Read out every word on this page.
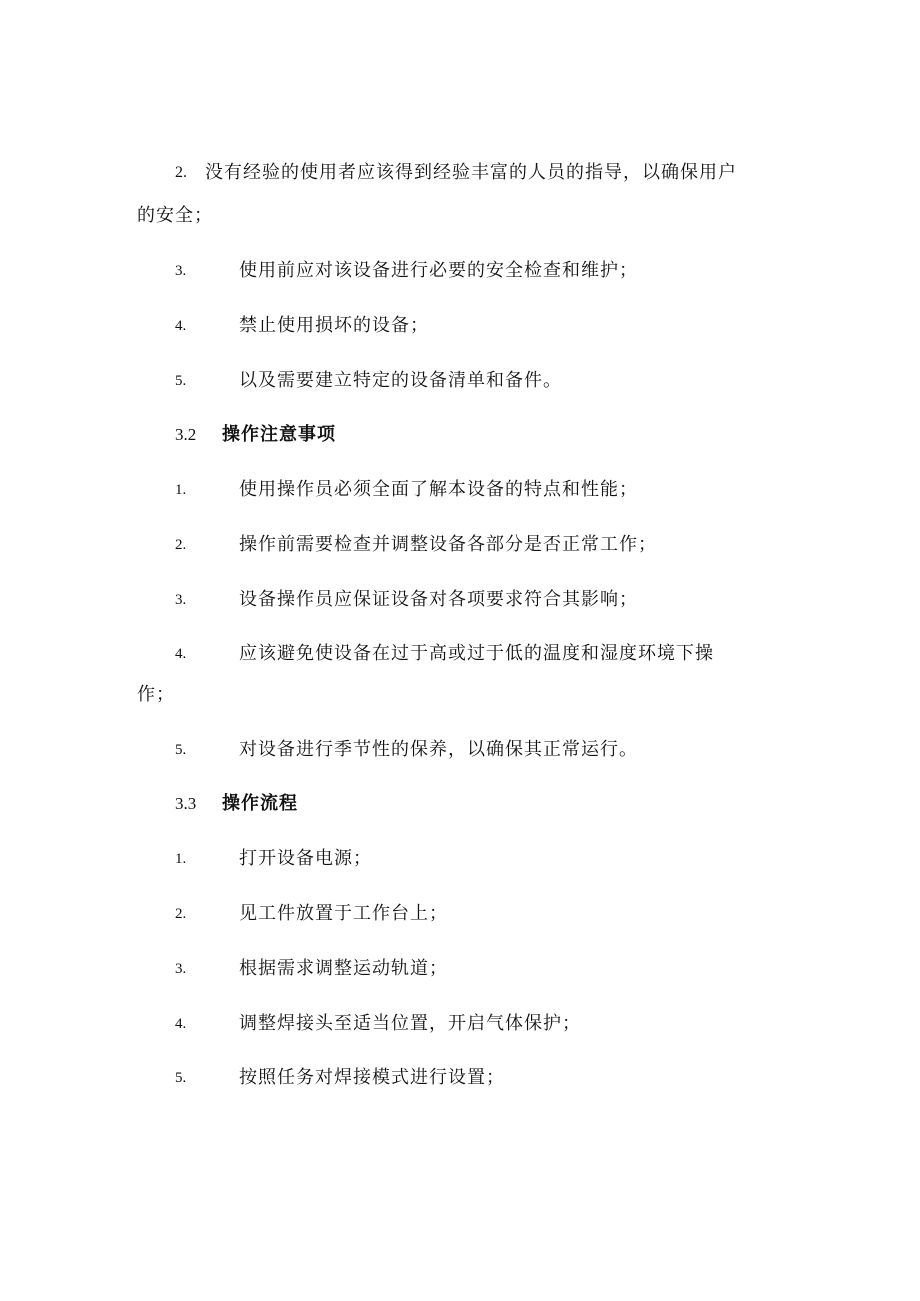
2. 没有经验的使用者应该得到经验丰富的人员的指导，以确保用户
的安全；
3.	使用前应对该设备进行必要的安全检查和维护；
4.	禁止使用损坏的设备；
5.	以及需要建立特定的设备清单和备件。
3.2 操作注意事项
1.	使用操作员必须全面了解本设备的特点和性能；
2.	操作前需要检查并调整设备各部分是否正常工作；
3.	设备操作员应保证设备对各项要求符合其影响；
4.	应该避免使设备在过于高或过于低的温度和湿度环境下操
作；
5.	对设备进行季节性的保养，以确保其正常运行。
3.3 操作流程
1.	打开设备电源；
2.	见工件放置于工作台上；
3.	根据需求调整运动轨道；
4.	调整焊接头至适当位置，开启气体保护；
5.	按照任务对焊接模式进行设置；
